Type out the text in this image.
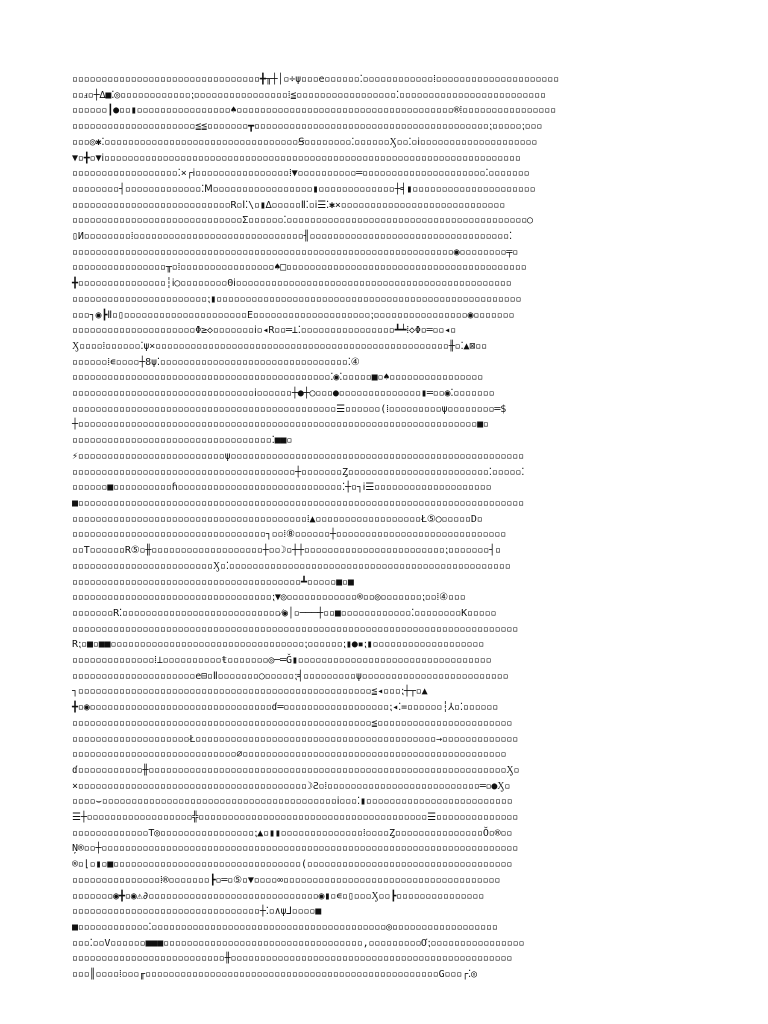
▫▫▫▫▫▫▫▫▫▫▫▫▫▫▫▫▫▫▫▫▫▫▫▫▫▫▫▫▫▫▫▫╋╥┼│▫÷ψ▫▫▫e▫▫▫▫▫▫⁚▫▫▫▫▫▫▫▫▫▫▫▫⁞▫▫▫▫▫▫▫▫▫▫▫▫▫▫▫▫▫▫▫▫▫
▫▫ⅎ▫┼∆■⁚◎▫▫▫▫▫▫▫▫▫▫▫▫⁏▫▫▫▫▫▫▫▫▫▫▫▫▫▫▫▫⁞≦▫▫▫▫▫▫▫▫▫▫▫▫▫▫▫▫▫⁚▫▫▫▫▫▫▫▫▫▫▫▫▫▫▫▫▫▫▫▫▫▫▫▫▫
▫▫▫▫▫▫┃●▫▫▮▫▫▫▫▫▫▫▫▫▫▫▫▫▫▫▫♠▫▫▫▫▫▫▫▫▫▫▫▫▫▫▫▫▫▫▫▫▫▫▫▫▫▫▫▫▫▫▫▫▫▫▫▫▫®⁞▫▫▫▫▫▫▫▫▫▫▫▫▫▫▫▫
▫▫▫▫▫▫▫▫▫▫▫▫▫▫▫▫▫▫▫▫▫≦≦▫▫▫▫▫▫▫┳▫▫▫▫▫▫▫▫▫▫▫▫▫▫▫▫▫▫▫▫▫▫▫▫▫▫▫▫▫▫▫▫▫▫▫▫▫▫▫▫⁏▫▫▫▫▫⁏▫▫▫
▫▫▫◎✱⁚▫▫▫▫▫▫▫▫▫▫▫▫▫▫▫▫▫▫▫▫▫▫▫▫▫▫▫▫▫▫▫▫▫Ꞩ▫▫▫▫▫▫▫▫⁚▫▫▫▫▫▫Ӽ▫▫⁚▫ⅰ▫▫▫▫▫▫▫▫▫▫▫▫▫▫▫▫▫▫▫▫
▼▫╋▫▼ⅰ▫▫▫▫▫▫▫▫▫▫▫▫▫▫▫▫▫▫▫▫▫▫▫▫▫▫▫▫▫▫▫▫▫▫▫▫▫▫▫▫▫▫▫▫▫▫▫▫▫▫▫▫▫▫▫▫▫▫▫▫▫▫▫▫▫▫▫▫▫▫▫
▫▫▫▫▫▫▫▫▫▫▫▫▫▫▫▫▫▫⁚×┌ⅰ▫▫▫▫▫▫▫▫▫▫▫▫▫▫▫▫⁞▼▫▫▫▫▫▫▫▫▫▫═▫▫▫▫▫▫▫▫▫▫▫▫▫▫▫▫▫▫▫▫▫⁚▫▫▫▫▫▫▫
▫▫▫▫▫▫▫▫┤▫▫▫▫▫▫▫▫▫▫▫▫▫⁚Ⅿ▫▫▫▫▫▫▫▫▫▫▫▫▫▫▫▫▫▮▫▫▫▫▫▫▫▫▫▫▫▫▫┼╡▮▫▫▫▫▫▫▫▫▫▫▫▫▫▫▫▫▫▫▫▫▫
▫▫▫▫▫▫▫▫▫▫▫▫▫▫▫▫▫▫▫▫▫▫▫▫▫▫▫R▫Ⅰ⁚\▫▮∆▫▫▫▫▫Ⅱ⁚▫ⅰ☰⁚✱×▫▫▫▫▫▫▫▫▫▫▫▫▫▫▫▫▫▫▫▫▫▫▫▫▫▫▫▫
▫▫▫▫▫▫▫▫▫▫▫▫▫▫▫▫▫▫▫▫▫▫▫▫▫▫▫▫▫Σ▫▫▫▫▫▫⁚▫▫▫▫▫▫▫▫▫▫▫▫▫▫▫▫▫▫▫▫▫▫▫▫▫▫▫▫▫▫▫▫▫▫▫▫▫▫▫▫▫○
▯И▫▫▫▫▫▫▫▫⁞▫▫▫▫▫▫▫▫▫▫▫▫▫▫▫▫▫▫▫▫▫▫▫▫▫▫▫▫▫╢▫▫▫▫▫▫▫▫▫▫▫▫▫▫▫▫▫▫▫▫▫▫▫▫▫▫▫▫▫▫▫▫▫▫⁚
▫▫▫▫▫▫▫▫▫▫▫▫▫▫▫▫▫▫▫▫▫▫▫▫▫▫▫▫▫▫▫▫▫▫▫▫▫▫▫▫▫▫▫▫▫▫▫▫▫▫▫▫▫▫▫▫▫▫▫▫▫▫▫▫▫◉▫▫▫▫▫▫▫▫╤▫
▫▫▫▫▫▫▫▫▫▫▫▫▫▫▫▫╥▫⁞▫▫▫▫▫▫▫▫▫▫▫▫▫▫▫▫♠□▫▫▫▫▫▫▫▫▫▫▫▫▫▫▫▫▫▫▫▫▫▫▫▫▫▫▫▫▫▫▫▫▫▫▫▫▫▫▫▫▫
╋▫▫▫▫▫▫▫▫▫▫▫▫▫▫▫┆ⅰ○▫▫▫▫▫▫▫▫Θⅰ▫▫▫▫▫▫▫▫▫▫▫▫▫▫▫▫▫▫▫▫▫▫▫▫▫▫▫▫▫▫▫▫▫▫▫▫▫▫▫▫▫▫▫▫▫▫▫
▫▫▫▫▫▫▫▫▫▫▫▫▫▫▫▫▫▫▫▫▫▫▫⁏▮▫▫▫▫▫▫▫▫▫▫▫▫▫▫▫▫▫▫▫▫▫▫▫▫▫▫▫▫▫▫▫▫▫▫▫▫▫▫▫▫▫▫▫▫▫▫▫▫▫▫▫▫
▫▫▫┐◉┣Ⅱ▫▯▫▫▫▫▫▫▫▫▫▫▫▫▫▫▫▫▫▫▫▫▫E▫▫▫▫▫▫▫▫▫▫▫▫▫▫▫▫▫▫▫▫⁏▫▫▫▫▫▫▫▫▫▫▫▫▫▫▫▫◉▫▫▫▫▫▫▫
▫▫▫▫▫▫▫▫▫▫▫▫▫▫▫▫▫▫▫▫▫Φ≥◇▫▫▫▫▫▫▫ⅰ▫◂R▫▫═⊥⁚▫▫▫▫▫▫▫▫▫▫▫▫▫▫▫▫┻┷⁞◇Φ▫═▫▫◂▫
Ӽ▫▫▫▫⁞▫▫▫▫▫▫⁚ψ×▫▫▫▫▫▫▫▫▫▫▫▫▫▫▫▫▫▫▫▫▫▫▫▫▫▫▫▫▫▫▫▫▫▫▫▫▫▫▫▫▫▫▫▫▫▫▫▫▫▫╫▫⁚▲⊠▫▫
▫▫▫▫▫▫⁞∊▫▫▫▫┼8ψ⁚▫▫▫▫▫▫▫▫▫▫▫▫▫▫▫▫▫▫▫▫▫▫▫▫▫▫▫▫▫▫▫▫⁚④
▫▫▫▫▫▫▫▫▫▫▫▫▫▫▫▫▫▫▫▫▫▫▫▫▫▫▫▫▫▫▫▫▫▫▫▫▫▫▫▫▫▫▫▫⁚◉⁚▫▫▫▫▫■▫♠▫▫▫▫▫▫▫▫▫▫▫▫▫▫▫▫
▫▫▫▫▫▫▫▫▫▫▫▫▫▫▫▫▫▫▫▫▫▫▫▫▫▫▫▫▫▫▫ⅰ▫▫▫▫▫▫┼●┼○▫▫▫●▫▫▫▫▫▫▫▫▫▫▫▫▫▫▮═▫▫◉⁚▫▫▫▫▫▫▫
▫▫▫▫▫▫▫▫▫▫▫▫▫▫▫▫▫▫▫▫▫▫▫▫▫▫▫▫▫▫▫▫▫▫▫▫▫▫▫▫▫▫▫▫▫☰▫▫▫▫▫▫(⁞▫▫▫▫▫▫▫▫▫ψ▫▫▫▫▫▫▫▫═$
┼▫▫▫▫▫▫▫▫▫▫▫▫▫▫▫▫▫▫▫▫▫▫▫▫▫▫▫▫▫▫▫▫▫▫▫▫▫▫▫▫▫▫▫▫▫▫▫▫▫▫▫▫▫▫▫▫▫▫▫▫▫▫▫▫▫▫▫▫■▫
▫▫▫▫▫▫▫▫▫▫▫▫▫▫▫▫▫▫▫▫▫▫▫▫▫▫▫▫▫▫▫▫▫▫⁚■■▫
⚡▫▫▫▫▫▫▫▫▫▫▫▫▫▫▫▫▫▫▫▫▫▫▫▫▫ψ▫▫▫▫▫▫▫▫▫▫▫▫▫▫▫▫▫▫▫▫▫▫▫▫▫▫▫▫▫▫▫▫▫▫▫▫▫▫▫▫▫▫▫▫▫▫▫▫▫▫
▫▫▫▫▫▫▫▫▫▫▫▫▫▫▫▫▫▫▫▫▫▫▫▫▫▫▫▫▫▫▫▫▫▫▫▫▫▫┼▫▫▫▫▫▫▫Ȥ▫▫▫▫▫▫▫▫▫▫▫▫▫▫▫▫▫▫▫▫▫▫▫▫⁚▫▫▫▫▫⁚
▫▫▫▫▫▫■▫▫▫▫▫▫▫▫▫▫ɦ▫▫▫▫▫▫▫▫▫▫▫▫▫▫▫▫▫▫▫▫▫▫▫▫▫▫▫▫⁚┼▫┐ⅰ☰▫▫▫▫▫▫▫▫▫▫▫▫▫▫▫▫▫▫▫▫
■▫▫▫▫▫▫▫▫▫▫▫▫▫▫▫▫▫▫▫▫▫▫▫▫▫▫▫▫▫▫▫▫▫▫▫▫▫▫▫▫▫▫▫▫▫▫▫▫▫▫▫▫▫▫▫▫▫▫▫▫▫▫▫▫▫▫▫▫▫▫▫▫▫▫▫▫
▫▫▫▫▫▫▫▫▫▫▫▫▫▫▫▫▫▫▫▫▫▫▫▫▫▫▫▫▫▫▫▫▫▫▫▫▫▫▫▫⁞▲▫▫▫▫▫▫▫▫▫▫▫▫▫▫▫▫▫▫Ł⑤○▫▫▫▫▫D▫
▫▫▫▫▫▫▫▫▫▫▫▫▫▫▫▫▫▫▫▫▫▫▫▫▫▫▫▫▫▫▫▫▫┐▫▫⁞⑧▫▫▫▫▫▫┼▫▫▫▫▫▫▫▫▫▫▫▫▫▫▫▫▫▫▫▫▫▫▫▫▫▫▫▫▫
▫▫T▫▫▫▫▫▫R⑤▫╫▫▫▫▫▫▫▫▫▫▫▫▫▫▫▫▫▫▫▫┼▫▫☽▫┼┼▫▫▫▫▫▫▫▫▫▫▫▫▫▫▫▫▫▫▫▫▫▫▫▫⁏▫▫▫▫▫▫▫┤▫
▫▫▫▫▫▫▫▫▫▫▫▫▫▫▫▫▫▫▫▫▫▫▫▫Ӽ▫⁚▫▫▫▫▫▫▫▫▫▫▫▫▫▫▫▫▫▫▫▫▫▫▫▫▫▫▫▫▫▫▫▫▫▫▫▫▫▫▫▫▫▫▫▫▫▫▫▫
▫▫▫▫▫▫▫▫▫▫▫▫▫▫▫▫▫▫▫▫▫▫▫▫▫▫▫▫▫▫▫▫▫▫▫▫▫▫▫┻▫▫▫▫▫■▫■
▫▫▫▫▫▫▫▫▫▫▫▫▫▫▫▫▫▫▫▫▫▫▫▫▫▫▫▫▫▫▫▫▫▫⁏▼◎▫▫▫▫▫▫▫▫▫▫▫▫®▫▫◎▫▫▫▫▫▫▫⁏▫▫⁞④▫▫▫
▫▫▫▫▫▫▫R⁚▫▫▫▫▫▫▫▫▫▫▫▫▫▫▫▫▫▫▫▫▫▫▫▫▫▫▫⁄◉│▫───┼▫▫■▫▫▫▫▫▫▫▫▫▫▫▫⁚▫▫▫▫▫▫▫▫K▫▫▫▫▫
▫▫▫▫▫▫▫▫▫▫▫▫▫▫▫▫▫▫▫▫▫▫▫▫▫▫▫▫▫▫▫▫▫▫▫▫▫▫▫▫▫▫▫▫▫▫▫▫▫▫▫▫▫▫▫▫▫▫▫▫▫▫▫▫▫▫▫▫▫▫▫▫▫▫▫▫
R⁏▫■▫■■▫▫▫▫▫▫▫▫▫▫▫▫▫▫▫▫▫▫▫▫▫▫▫▫▫▫▫▫▫▫▫▫▫⁏▫▫▫▫▫▫⁏▮●▪⁏▮▫▫▫▫▫▫▫▫▫▫▫▫▫▫▫▫▫▫▫
▫▫▫▫▫▫▫▫▫▫▫▫▫▫⁞⊥▫▫▫▫▫▫▫▫▫▫ŧ▫▫▫▫▫▫▫◎─═Ǧ▮▫▫▫▫▫▫▫▫▫▫▫▫▫▫▫▫▫▫▫▫▫▫▫▫▫▫▫▫▫▫▫▫▫
▫▫▫▫▫▫▫▫▫▫▫▫▫▫▫▫▫▫▫▫▫е⊟▫Ⅱ▫▫▫▫▫▫▫○▫▫▫▫▫⁏╡▫▫▫▫▫▫▫▫▫ψ▫▫▫▫▫▫▫▫▫▫▫▫▫▫▫▫▫▫▫▫▫▫▫▫▫
┐▫▫▫▫▫▫▫▫▫▫▫▫▫▫▫▫▫▫▫▫▫▫▫▫▫▫▫▫▫▫▫▫▫▫▫▫▫▫▫▫▫▫▫▫▫▫▫▫▫▫≦◂▫▫▫⁏┼┬▫▲
╋▫◉▫▫▫▫▫▫▫▫▫▫▫▫▫▫▫▫▫▫▫▫▫▫▫▫▫▫▫▫▫▫▫ɗ═▫▫▫▫▫▫▫▫▫▫▫▫▫▫▫▫▫▫⁏◂⁚=▫▫▫▫▫▫┆⅄▫⁚▫▫▫▫▫▫
▫▫▫▫▫▫▫▫▫▫▫▫▫▫▫▫▫▫▫▫▫▫▫▫▫▫▫▫▫▫▫▫▫▫▫▫▫▫▫▫▫▫▫▫▫▫▫▫▫▫▫≦▫▫▫▫▫▫▫▫▫▫▫▫▫▫▫▫▫▫▫▫▫▫▫
▫▫▫▫▫▫▫▫▫▫▫▫▫▫▫▫▫▫▫▫Ł▫▫▫▫▫▫▫▫▫▫▫▫▫▫▫▫▫▫▫▫▫▫▫▫▫▫▫▫▫▫▫▫▫▫▫▫▫▫▫▫▫→▫▫▫▫▫▫▫▫▫▫▫▫▫
▫▫▫▫▫▫▫▫▫▫▫▫▫▫▫▫▫▫▫▫▫▫▫▫▫▫▫▫∅▫▫▫▫▫▫▫▫▫▫▫▫▫▫▫▫▫▫▫▫▫▫▫▫▫▫▫▫▫▫▫▫▫▫▫▫▫▫▫▫▫▫▫▫▫
ɗ▫▫▫▫▫▫▫▫▫▫▫╫▫▫▫▫▫▫▫▫▫▫▫▫▫▫▫▫▫▫▫▫▫▫▫▫▫▫▫▫▫▫▫▫▫▫▫▫▫▫▫▫▫▫▫▫▫▫▫▫▫▫▫▫▫▫▫▫▫▫▫▫▫Ӽ▫
⨯▫▫▫▫▫▫▫▫▫▫▫▫▫▫▫▫▫▫▫▫▫▫▫▫▫▫▫▫▫▫▫▫▫▫▫▫▫▫▫☽Ƨ▫⁞▫▫▫▫▫▫▫▫▫▫▫▫▫▫▫▫▫▫▫▫▫▫▫▫▫▫═▫●Ӽ▫
▫▫▫▫⌣▫▫▫▫▫▫▫▫▫▫▫▫▫▫▫▫▫▫▫▫▫▫▫▫▫▫▫▫▫▫▫▫▫▫▫▫▫▫▫▫ⅰ▫▫▫⁚▮▫▫▫▫▫▫▫▫▫▫▫▫▫▫▫▫▫▫▫▫▫▫▫▫▫
☰┼▫▫▫▫▫▫▫▫▫▫▫▫▫▫▫▫▫▫╬▫▫▫▫▫▫▫▫▫▫▫▫▫▫▫▫▫▫▫▫▫▫▫▫▫▫▫▫▫▫▫▫▫▫▫▫▫▫▫☰▫▫▫▫▫▫▫▫▫▫▫▫▫▫
▫▫▫▫▫▫▫▫▫▫▫▫▫T◎▫▫▫▫▫▫▫▫▫▫▫▫▫▫▫▫⁏▲▫▮▮▫▫▫▫▫▫▫▫▫▫▫▫▫▫⁞▫▫▫▫Ȥ▫▫▫▫▫▫▫▫▫▫▫▫▫▫▫Ŏ▫®▫▫
Ņ®▫▫┼▫▫▫▫▫▫▫▫▫▫▫▫▫▫▫▫▫▫▫▫▫▫▫▫▫▫▫▫▫▫▫▫▫▫▫▫▫▫▫▫▫▫▫▫▫▫▫▫▫▫▫▫▫▫▫▫▫▫▫▫▫▫▫▫▫▫▫▫▫▫▫
®▫⌊▫▮▫■▫▫▫▫▫▫▫▫▫▫▫▫▫▫▫▫▫▫▫▫▫▫▫▫▫▫▫▫▫▫▫▫(▫▫▫▫▫▫▫▫▫▫▫▫▫▫▫▫▫▫▫▫▫▫▫▫▫▫▫▫▫▫▫▫▫▫▫
▫▫▫▫▫▫▫▫▫▫▫▫▫▫▫⁞®▫▫▫▫▫▫▫┣▫═▫⑤▫▼▫▫▫▫∞▫▫▫▫▫▫▫▫▫▫▫▫▫▫▫▫▫▫▫▫▫▫▫▫▫▫▫▫▫▫▫▫▫▫▫▫▫
▫▫▫▫▫▫▫◉╋▫◉⚠∂▫▫▫▫▫▫▫▫▫▫▫▫▫▫▫▫▫▫▫▫▫▫▫▫▫▫▫▫▫◉▮▫∊▫▯▫▫▫Ӽ▫▫┣▫▫▫▫▫▫▫▫▫▫▫▫▫▫▫
▫▫▫▫▫▫▫▫▫▫▫▫▫▫▫▫▫▫▫▫▫▫▫▫▫▫▫▫▫▫▫▫┼⁚▫∧ψ⅃▫▫▫▫■
■▫▫▫▫▫▫▫▫▫▫▫▫⁚▫▫▫▫▫▫▫▫▫▫▫▫▫▫▫▫▫▫▫▫▫▫▫▫▫▫▫▫▫▫▫▫▫▫▫▫▫▫▫▫◎▫▫▫▫▫▫▫▫▫▫▫▫▫▫▫▫▫▫
▫▫▫⁚▫▫V▫▫▫▫▫▫■■■▫▫▫▫▫▫▫▫▫▫▫▫▫▫▫▫▫▫▫▫▫▫▫▫▫▫▫▫▫▫▫▫▫▫,▫▫▫▫▫▫▫▫▫Ơ⁏▫▫▫▫▫▫▫▫▫▫▫▫▫▫▫▫
▫▫▫▫▫▫▫▫▫▫▫▫▫▫▫▫▫▫▫▫▫▫▫▫▫▫╫▫▫▫▫▫▫▫▫▫▫▫▫▫▫▫▫▫▫▫▫▫▫▫▫▫▫▫▫▫▫▫▫▫▫▫▫▫▫▫▫▫▫▫▫▫▫▫▫
▫▫▫║▫▫▫▫⁞▫▫▫╓▫▫▫▫▫▫▫▫▫▫▫▫▫▫▫▫▫▫▫▫▫▫▫▫▫▫▫▫▫▫▫▫▫▫▫▫▫▫▫▫▫▫▫▫▫▫▫▫▫▫G▫▫▫┌⁚◎
